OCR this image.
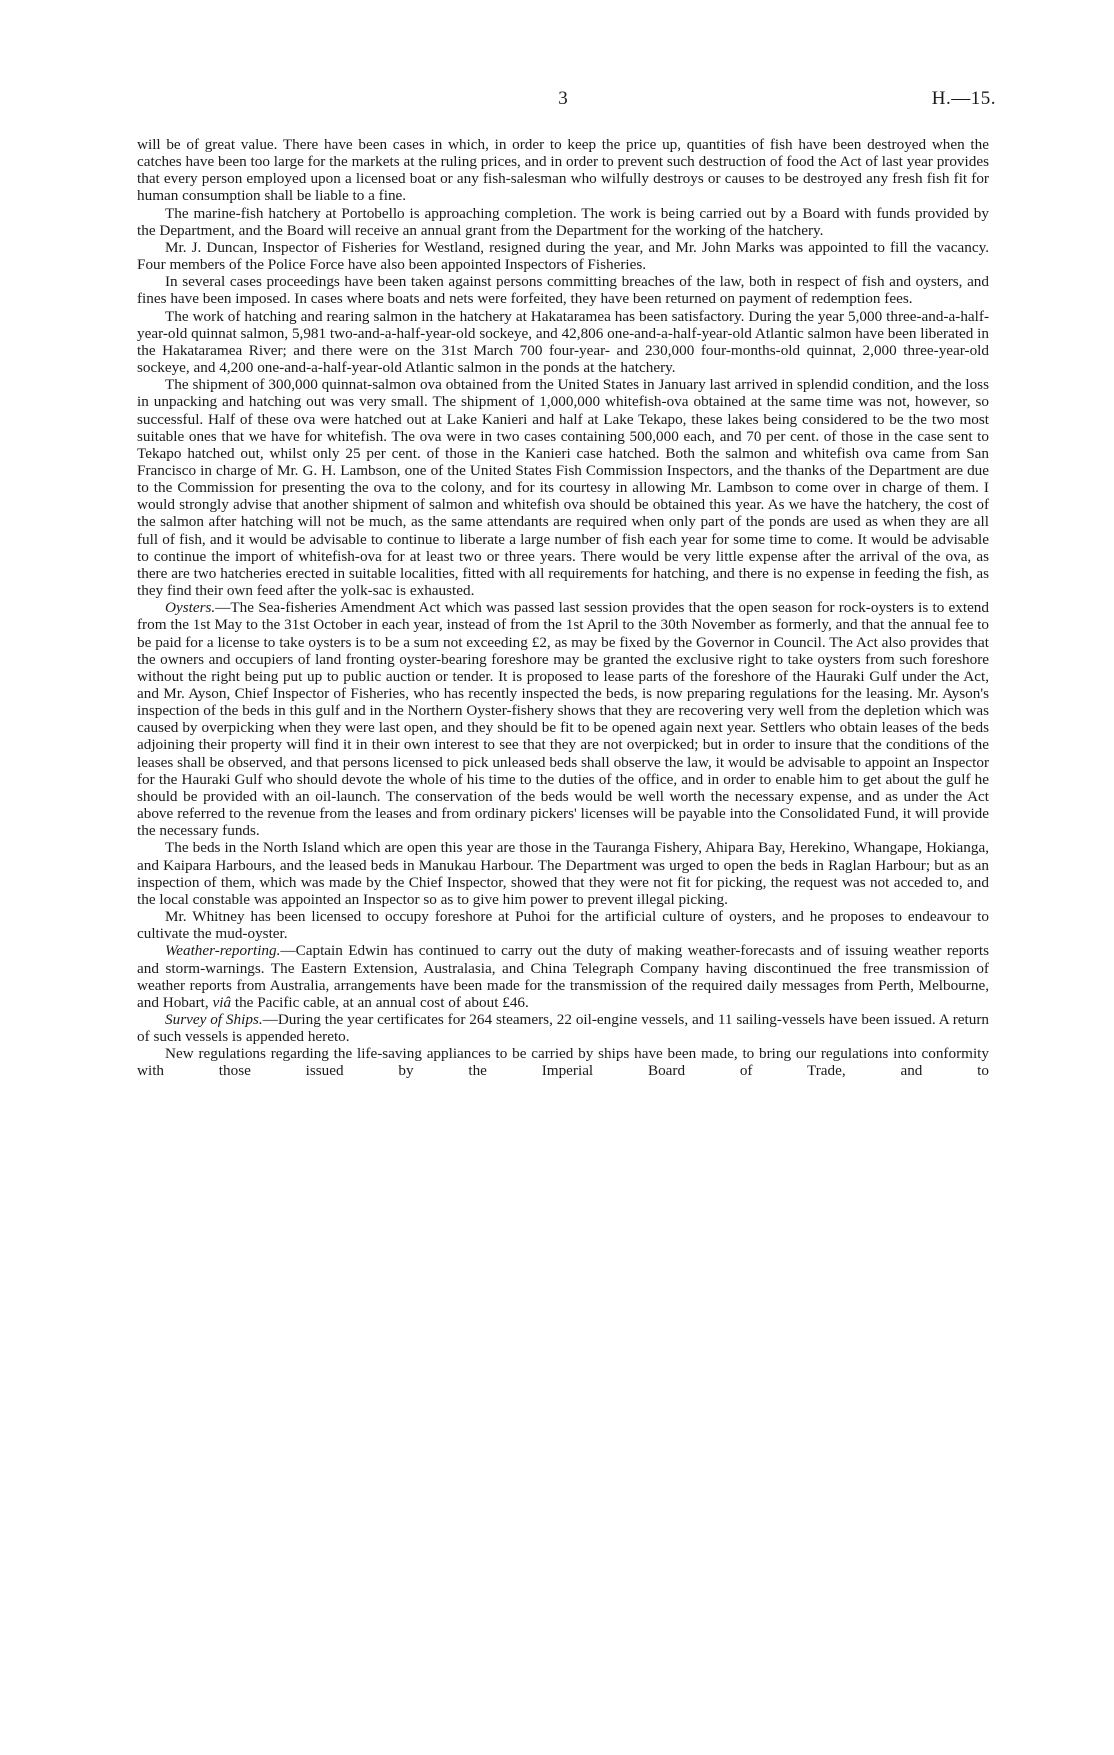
3	H.—15.

will be of great value. There have been cases in which, in order to keep the price up, quantities of fish have been destroyed when the catches have been too large for the markets at the ruling prices, and in order to prevent such destruction of food the Act of last year provides that every person employed upon a licensed boat or any fish-salesman who wilfully destroys or causes to be destroyed any fresh fish fit for human consumption shall be liable to a fine.

The marine-fish hatchery at Portobello is approaching completion. The work is being carried out by a Board with funds provided by the Department, and the Board will receive an annual grant from the Department for the working of the hatchery.

Mr. J. Duncan, Inspector of Fisheries for Westland, resigned during the year, and Mr. John Marks was appointed to fill the vacancy. Four members of the Police Force have also been appointed Inspectors of Fisheries.

In several cases proceedings have been taken against persons committing breaches of the law, both in respect of fish and oysters, and fines have been imposed. In cases where boats and nets were forfeited, they have been returned on payment of redemption fees.

The work of hatching and rearing salmon in the hatchery at Hakataramea has been satisfactory. During the year 5,000 three-and-a-half-year-old quinnat salmon, 5,981 two-and-a-half-year-old sockeye, and 42,806 one-and-a-half-year-old Atlantic salmon have been liberated in the Hakataramea River; and there were on the 31st March 700 four-year- and 230,000 four-months-old quinnat, 2,000 three-year-old sockeye, and 4,200 one-and-a-half-year-old Atlantic salmon in the ponds at the hatchery.

The shipment of 300,000 quinnat-salmon ova obtained from the United States in January last arrived in splendid condition, and the loss in unpacking and hatching out was very small. The shipment of 1,000,000 whitefish-ova obtained at the same time was not, however, so successful. Half of these ova were hatched out at Lake Kanieri and half at Lake Tekapo, these lakes being considered to be the two most suitable ones that we have for whitefish. The ova were in two cases containing 500,000 each, and 70 per cent. of those in the case sent to Tekapo hatched out, whilst only 25 per cent. of those in the Kanieri case hatched. Both the salmon and whitefish ova came from San Francisco in charge of Mr. G. H. Lambson, one of the United States Fish Commission Inspectors, and the thanks of the Department are due to the Commission for presenting the ova to the colony, and for its courtesy in allowing Mr. Lambson to come over in charge of them. I would strongly advise that another shipment of salmon and whitefish ova should be obtained this year. As we have the hatchery, the cost of the salmon after hatching will not be much, as the same attendants are required when only part of the ponds are used as when they are all full of fish, and it would be advisable to continue to liberate a large number of fish each year for some time to come. It would be advisable to continue the import of whitefish-ova for at least two or three years. There would be very little expense after the arrival of the ova, as there are two hatcheries erected in suitable localities, fitted with all requirements for hatching, and there is no expense in feeding the fish, as they find their own feed after the yolk-sac is exhausted.

Oysters.—The Sea-fisheries Amendment Act which was passed last session provides that the open season for rock-oysters is to extend from the 1st May to the 31st October in each year, instead of from the 1st April to the 30th November as formerly, and that the annual fee to be paid for a license to take oysters is to be a sum not exceeding £2, as may be fixed by the Governor in Council. The Act also provides that the owners and occupiers of land fronting oyster-bearing foreshore may be granted the exclusive right to take oysters from such foreshore without the right being put up to public auction or tender. It is proposed to lease parts of the foreshore of the Hauraki Gulf under the Act, and Mr. Ayson, Chief Inspector of Fisheries, who has recently inspected the beds, is now preparing regulations for the leasing. Mr. Ayson's inspection of the beds in this gulf and in the Northern Oyster-fishery shows that they are recovering very well from the depletion which was caused by overpicking when they were last open, and they should be fit to be opened again next year. Settlers who obtain leases of the beds adjoining their property will find it in their own interest to see that they are not overpicked; but in order to insure that the conditions of the leases shall be observed, and that persons licensed to pick unleased beds shall observe the law, it would be advisable to appoint an Inspector for the Hauraki Gulf who should devote the whole of his time to the duties of the office, and in order to enable him to get about the gulf he should be provided with an oil-launch. The conservation of the beds would be well worth the necessary expense, and as under the Act above referred to the revenue from the leases and from ordinary pickers' licenses will be payable into the Consolidated Fund, it will provide the necessary funds.

The beds in the North Island which are open this year are those in the Tauranga Fishery, Ahipara Bay, Herekino, Whangape, Hokianga, and Kaipara Harbours, and the leased beds in Manukau Harbour. The Department was urged to open the beds in Raglan Harbour; but as an inspection of them, which was made by the Chief Inspector, showed that they were not fit for picking, the request was not acceded to, and the local constable was appointed an Inspector so as to give him power to prevent illegal picking.

Mr. Whitney has been licensed to occupy foreshore at Puhoi for the artificial culture of oysters, and he proposes to endeavour to cultivate the mud-oyster.

Weather-reporting.—Captain Edwin has continued to carry out the duty of making weather-forecasts and of issuing weather reports and storm-warnings. The Eastern Extension, Australasia, and China Telegraph Company having discontinued the free transmission of weather reports from Australia, arrangements have been made for the transmission of the required daily messages from Perth, Melbourne, and Hobart, viâ the Pacific cable, at an annual cost of about £46.

Survey of Ships.—During the year certificates for 264 steamers, 22 oil-engine vessels, and 11 sailing-vessels have been issued. A return of such vessels is appended hereto.

New regulations regarding the life-saving appliances to be carried by ships have been made, to bring our regulations into conformity with those issued by the Imperial Board of Trade, and to
